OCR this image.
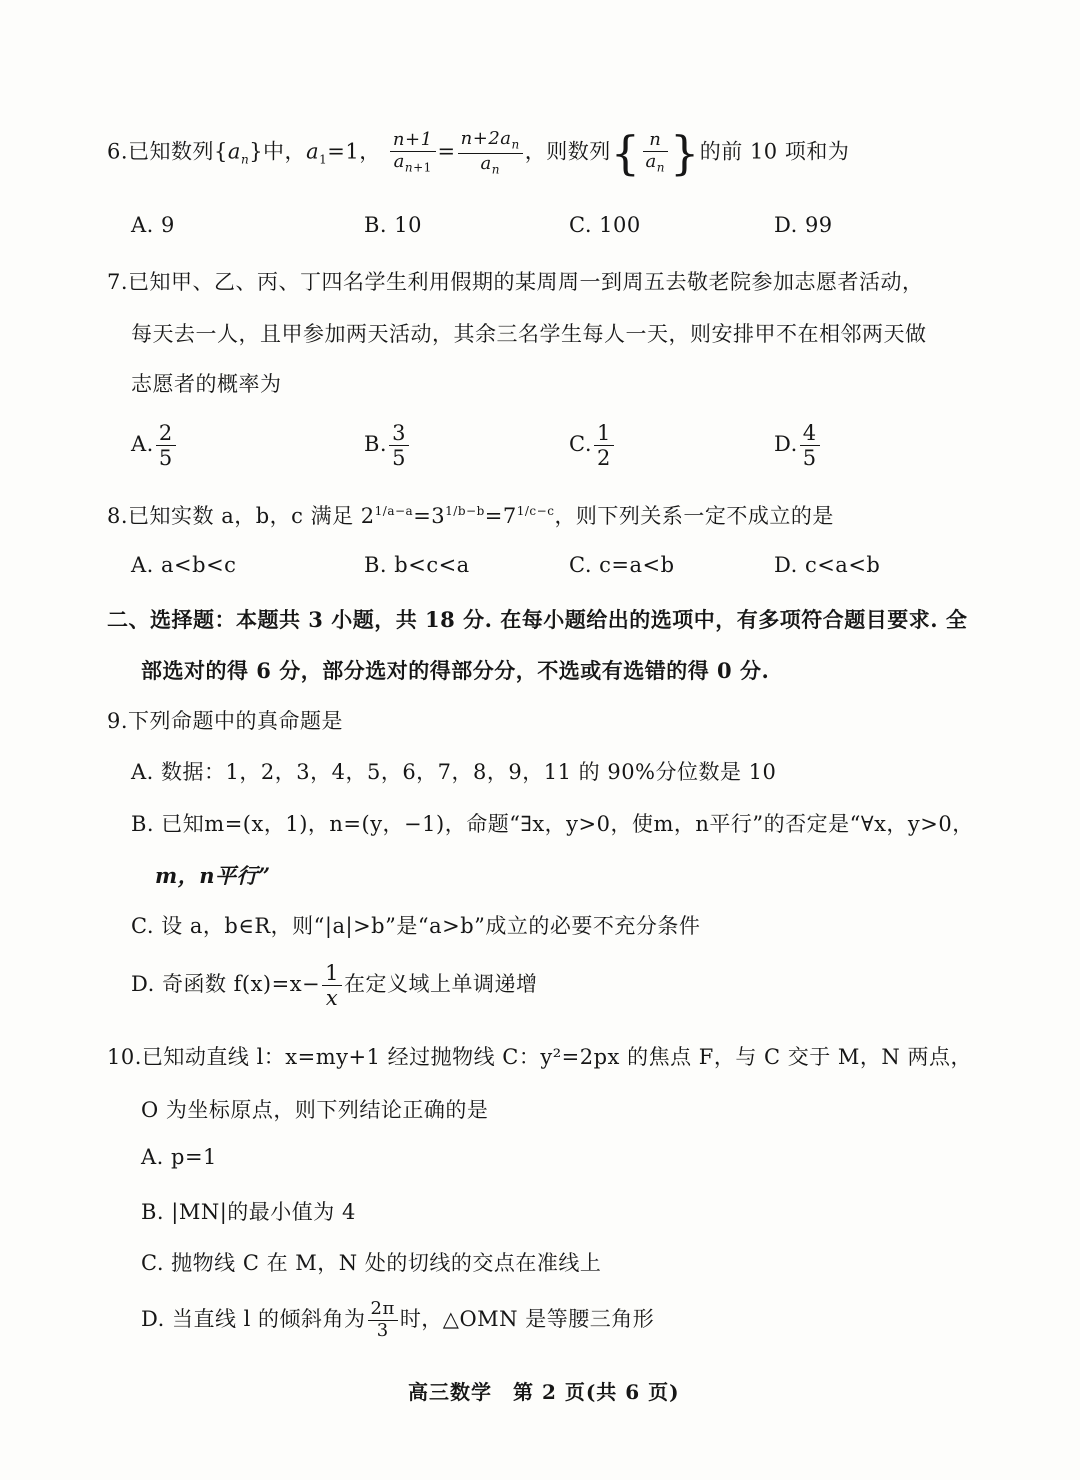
6.已知数列$\{a_n\}$中，$a_1=1$， $\frac{n+1}{a_{n+1}} = \frac{n+2a_n}{a_n}$ ，则数列{ $\frac{n}{a_n}$ }的前 10 项和为
A. 9	B. 10	C. 100	D. 99
7.已知甲、乙、丙、丁四名学生利用假期的某周周一到周五去敬老院参加志愿者活动，
每天去一人，且甲参加两天活动，其余三名学生每人一天，则安排甲不在相邻两天做
志愿者的概率为
A. $\frac{2}{5}$	B. $\frac{3}{5}$	C. $\frac{1}{2}$	D. $\frac{4}{5}$
8.已知实数 a，b，c 满足 $2^{1/a-a}=3^{1/b-b}=7^{1/c-c}$，则下列关系一定不成立的是
A. a<b<c	B. b<c<a	C. c=a<b	D. c<a<b
二、选择题：本题共 3 小题，共 18 分. 在每小题给出的选项中，有多项符合题目要求. 全
部选对的得 6 分，部分选对的得部分分，不选或有选错的得 0 分.
9.下列命题中的真命题是
A. 数据：1，2，3，4，5，6，7，8，9，11 的 90%分位数是 10
B. 已知m=(x，1)，n=(y，−1)，命题“∃x，y>0，使m，n平行”的否定是“∀x，y>0，
m，n平行”
C. 设 a，b∈R，则“|a|>b”是“a>b”成立的必要不充分条件
D. 奇函数 $f(x)=x- \frac{1}{x}$ 在定义域上单调递增
10.已知动直线 l：x=my+1 经过抛物线 C：y²=2px 的焦点 F，与 C 交于 M，N 两点，
O 为坐标原点，则下列结论正确的是
A. p=1
B. |MN|的最小值为 4
C. 抛物线 C 在 M，N 处的切线的交点在准线上
D. 当直线 l 的倾斜角为 $\frac{2\pi}{3}$ 时，△OMN 是等腰三角形
高三数学　第 2 页(共 6 页)
